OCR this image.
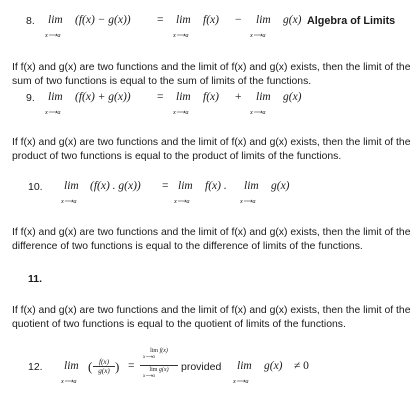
8. lim
x⟶a
(f(x) − g(x)) = lim
x⟶a
f(x) − lim
x⟶a
g(x) Algebra of Limits

If f(x) and g(x) are two functions and the limit of f(x) and g(x) exists, then the limit of the sum of two functions is equal to the sum of limits of the functions.

9. lim
x⟶a
(f(x) + g(x)) = lim
x⟶a
f(x) + lim
x⟶a
g(x)

If f(x) and g(x) are two functions and the limit of f(x) and g(x) exists, then the limit of the product of two functions is equal to the product of limits of the functions.

10. lim
x⟶a
(f(x) . g(x)) = lim
x⟶a
f(x) . lim
x⟶a
g(x)

If f(x) and g(x) are two functions and the limit of f(x) and g(x) exists, then the limit of the difference of two functions is equal to the difference of limits of the functions.

11.

If f(x) and g(x) are two functions and the limit of f(x) and g(x) exists, then the limit of the quotient of two functions is equal to the quotient of limits of the functions.

12. lim
x⟶a
( $\frac{f(x)}{g(x)}$ ) = lim f(x)
x⟶a
lim g(x)
x⟶a provided lim
x⟶a
g(x) ≠ 0
